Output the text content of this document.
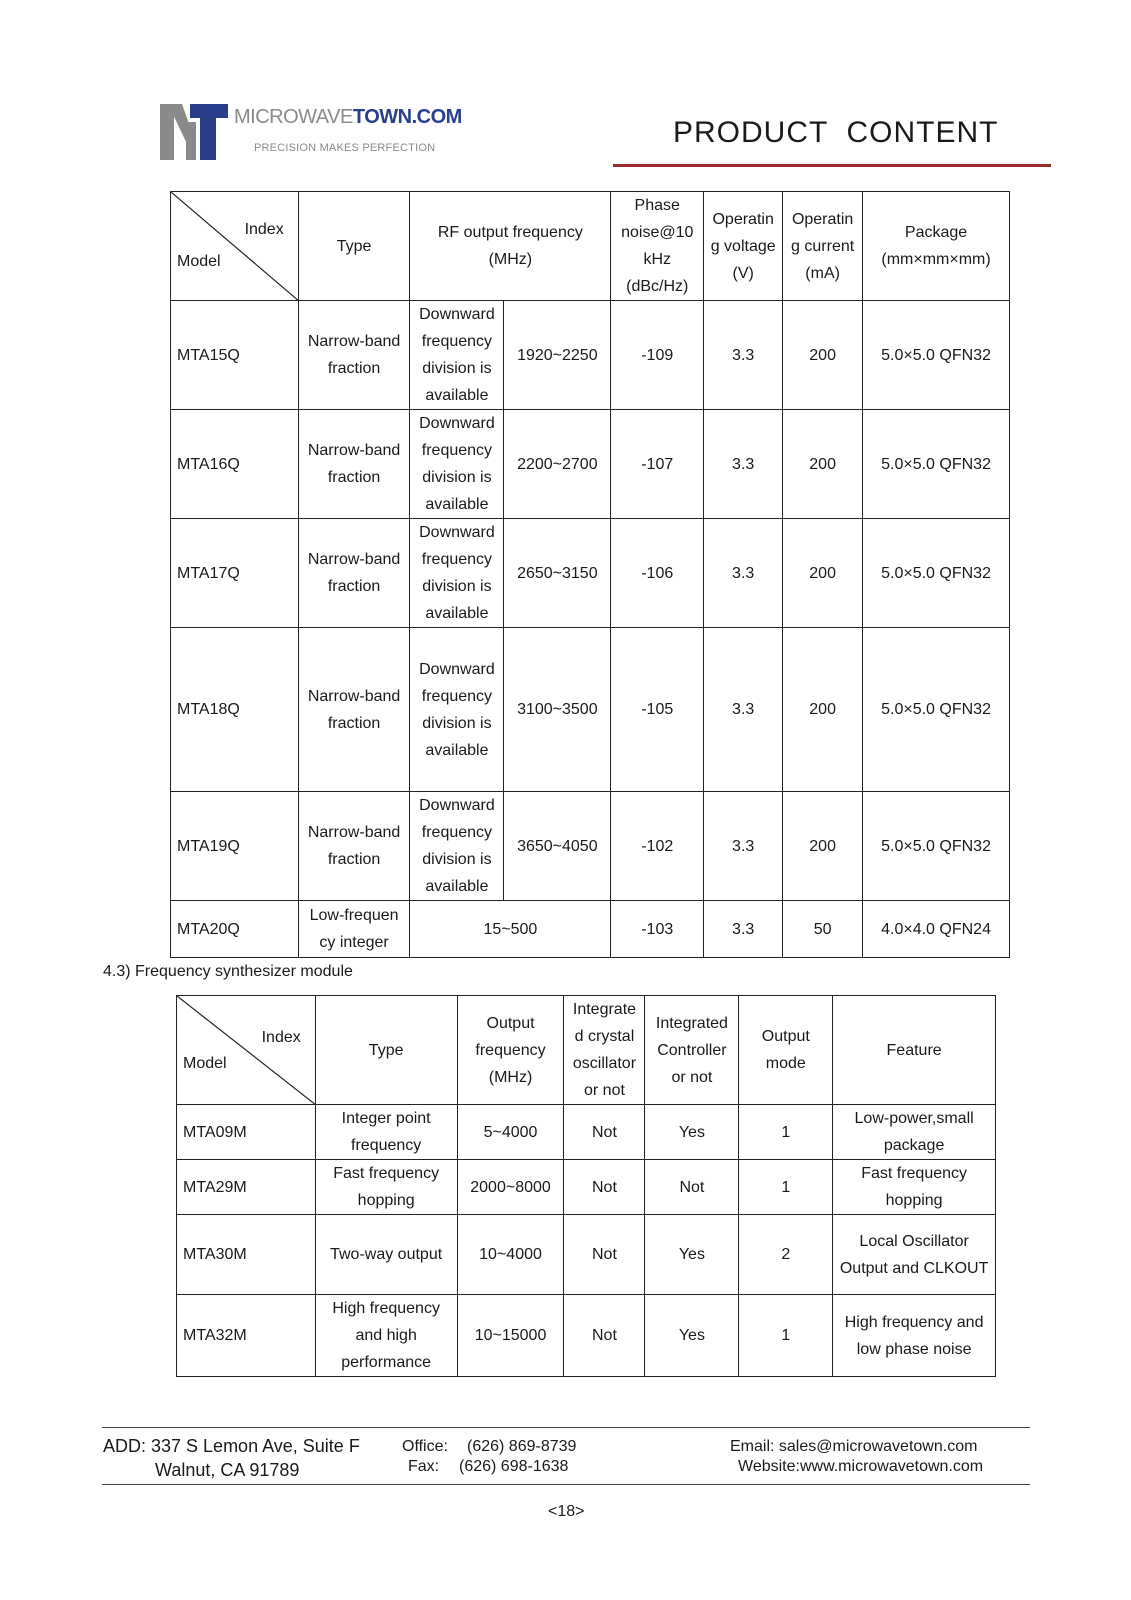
MICROWAVETOWN.COM
PRECISION MAKES PERFECTION	PRODUCT  CONTENT
Index
Model	Type	RF output frequency (MHz)		Phase noise@10 kHz (dBc/Hz)	Operatin g voltage (V)	Operatin g current (mA)	Package (mm×mm×mm)
MTA15Q	Narrow-band fraction	Downward frequency division is available	1920~2250	-109	3.3	200	5.0×5.0 QFN32
MTA16Q	Narrow-band fraction	Downward frequency division is available	2200~2700	-107	3.3	200	5.0×5.0 QFN32
MTA17Q	Narrow-band fraction	Downward frequency division is available	2650~3150	-106	3.3	200	5.0×5.0 QFN32
MTA18Q	Narrow-band fraction	Downward frequency division is available	3100~3500	-105	3.3	200	5.0×5.0 QFN32
MTA19Q	Narrow-band fraction	Downward frequency division is available	3650~4050	-102	3.3	200	5.0×5.0 QFN32
MTA20Q	Low-frequen cy integer	15~500		-103	3.3	50	4.0×4.0 QFN24
4.3) Frequency synthesizer module
Index
Model	Type	Output frequency (MHz)	Integrate d crystal oscillator or not	Integrated Controller or not	Output mode	Feature
MTA09M	Integer point frequency	5~4000	Not	Yes	1	Low-power,small package
MTA29M	Fast frequency hopping	2000~8000	Not	Not	1	Fast frequency hopping
MTA30M	Two-way output	10~4000	Not	Yes	2	Local Oscillator Output and CLKOUT
MTA32M	High frequency and high performance	10~15000	Not	Yes	1	High frequency and low phase noise
ADD: 337 S Lemon Ave, Suite F
Walnut, CA 91789
Office: (626) 869-8739
Fax: (626) 698-1638
Email: sales@microwavetown.com
Website:www.microwavetown.com
<18>
